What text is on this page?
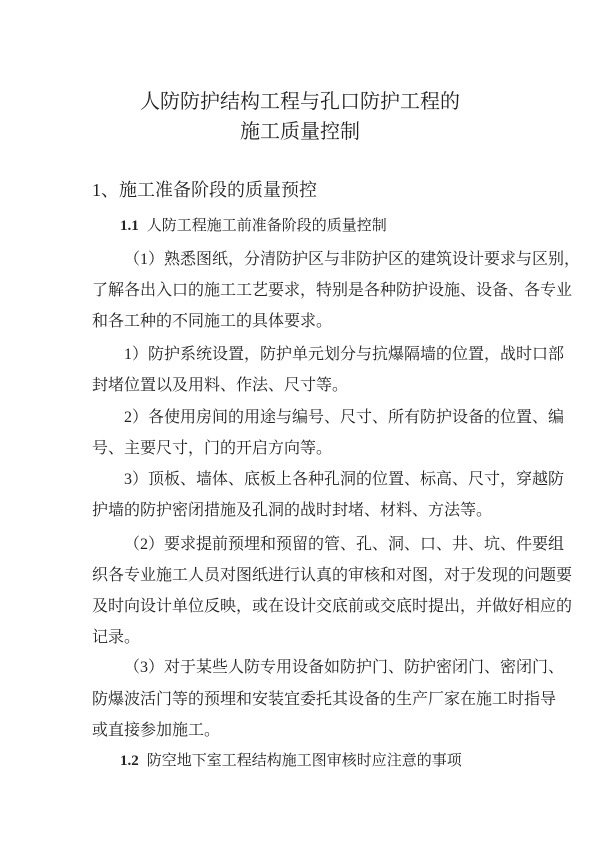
人防防护结构工程与孔口防护工程的
施工质量控制
1、施工准备阶段的质量预控
1.1 人防工程施工前准备阶段的质量控制
（1）熟悉图纸，分清防护区与非防护区的建筑设计要求与区别，
了解各出入口的施工工艺要求，特别是各种防护设施、设备、各专业
和各工种的不同施工的具体要求。
1）防护系统设置，防护单元划分与抗爆隔墙的位置，战时口部
封堵位置以及用料、作法、尺寸等。
2）各使用房间的用途与编号、尺寸、所有防护设备的位置、编
号、主要尺寸，门的开启方向等。
3）顶板、墙体、底板上各种孔洞的位置、标高、尺寸，穿越防
护墙的防护密闭措施及孔洞的战时封堵、材料、方法等。
（2）要求提前预埋和预留的管、孔、洞、口、井、坑、件要组
织各专业施工人员对图纸进行认真的审核和对图，对于发现的问题要
及时向设计单位反映，或在设计交底前或交底时提出，并做好相应的
记录。
（3）对于某些人防专用设备如防护门、防护密闭门、密闭门、
防爆波活门等的预埋和安装宜委托其设备的生产厂家在施工时指导
或直接参加施工。
1.2 防空地下室工程结构施工图审核时应注意的事项
